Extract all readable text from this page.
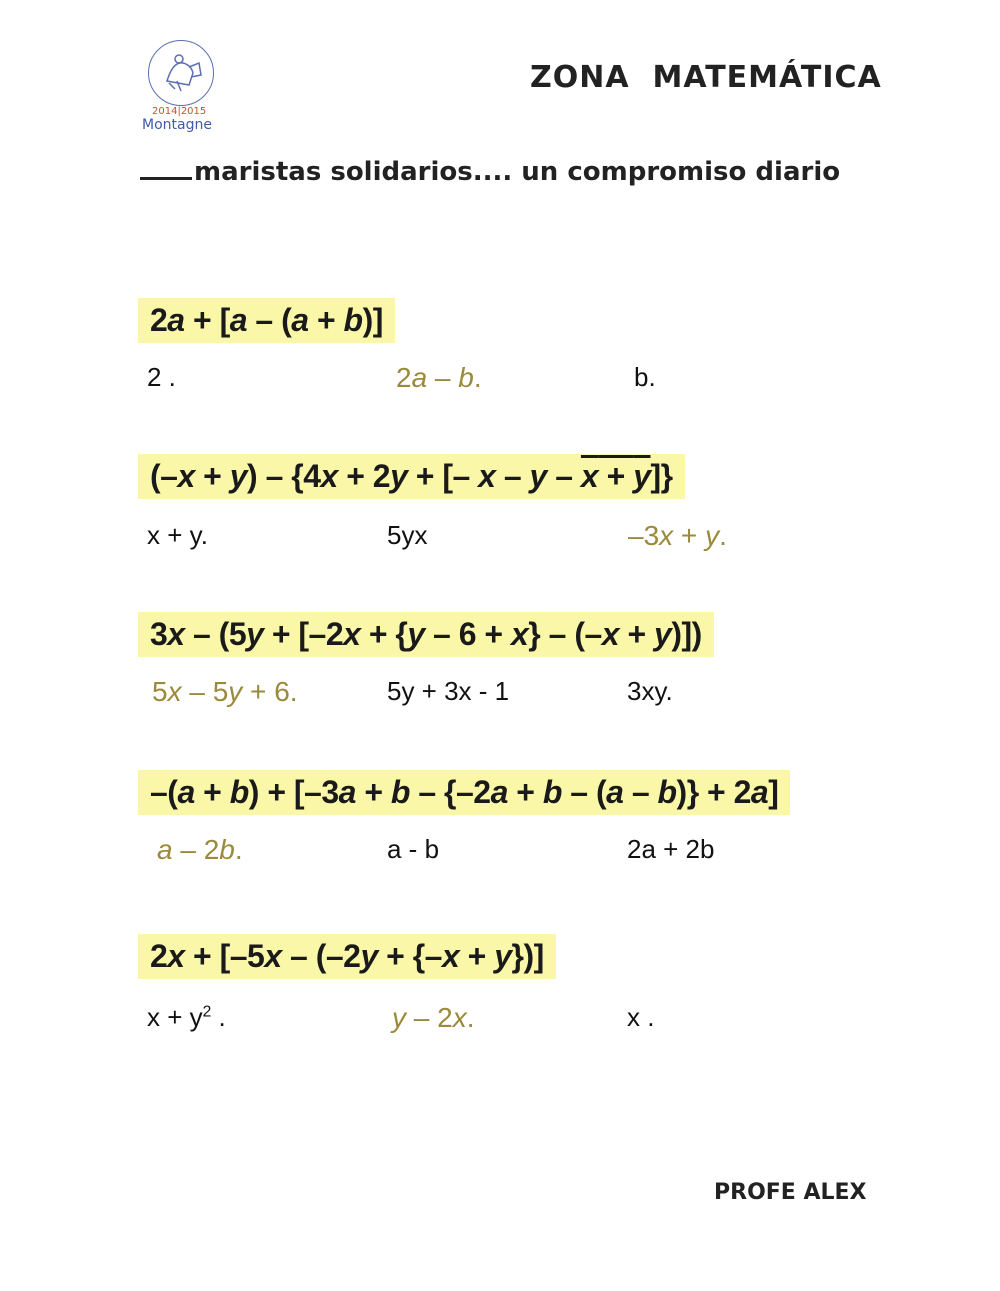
2014|2015
Montagne
ZONA  MATEMÁTICA
maristas solidarios.... un compromiso diario
2a + [a – (a + b)]
2 .	2a – b.	b.
(–x + y) – {4x + 2y + [– x – y – x + y]}
x + y.	5yx	–3x + y.
3x – (5y + [–2x + {y – 6 + x} – (–x + y)])
5x – 5y + 6.	5y + 3x - 1	3xy.
–(a + b) + [–3a + b – {–2a + b – (a – b)} + 2a]
a – 2b.	a - b	2a + 2b
2x + [–5x – (–2y + {–x + y})]
$x + y^2$ .	y – 2x.	x .
PROFE ALEX
